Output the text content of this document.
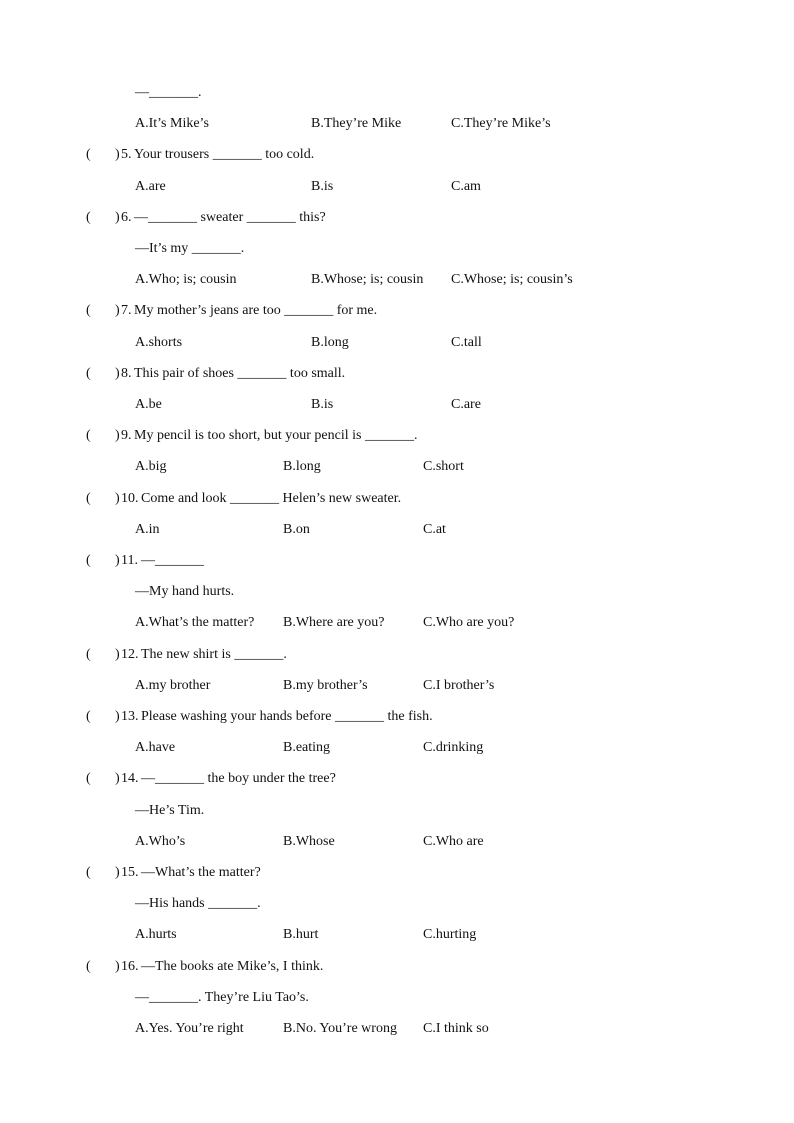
—_______.
A.It’s Mike’s	B.They’re Mike	C.They’re Mike’s
( ) 5. Your trousers _______ too cold.
A.are	B.is	C.am
( ) 6. —_______ sweater _______ this?
—It’s my _______.
A.Who; is; cousin	B.Whose; is; cousin C.Whose; is; cousin’s
( ) 7. My mother’s jeans are too _______ for me.
A.shorts	B.long	C.tall
( ) 8. This pair of shoes _______ too small.
A.be	B.is	C.are
( ) 9. My pencil is too short, but your pencil is _______.
A.big	B.long	C.short
( ) 10. Come and look _______ Helen’s new sweater.
A.in	B.on	C.at
( ) 11. —_______
—My hand hurts.
A.What’s the matter? B.Where are you?	C.Who are you?
( ) 12. The new shirt is _______.
A.my brother	B.my brother’s	C.I brother’s
( ) 13. Please washing your hands before _______ the fish.
A.have	B.eating	C.drinking
( ) 14. —_______ the boy under the tree?
—He’s Tim.
A.Who’s	B.Whose	C.Who are
( ) 15. —What’s the matter?
—His hands _______.
A.hurts	B.hurt	C.hurting
( ) 16. —The books ate Mike’s, I think.
—_______. They’re Liu Tao’s.
A.Yes. You’re right	B.No. You’re wrong C.I think so
